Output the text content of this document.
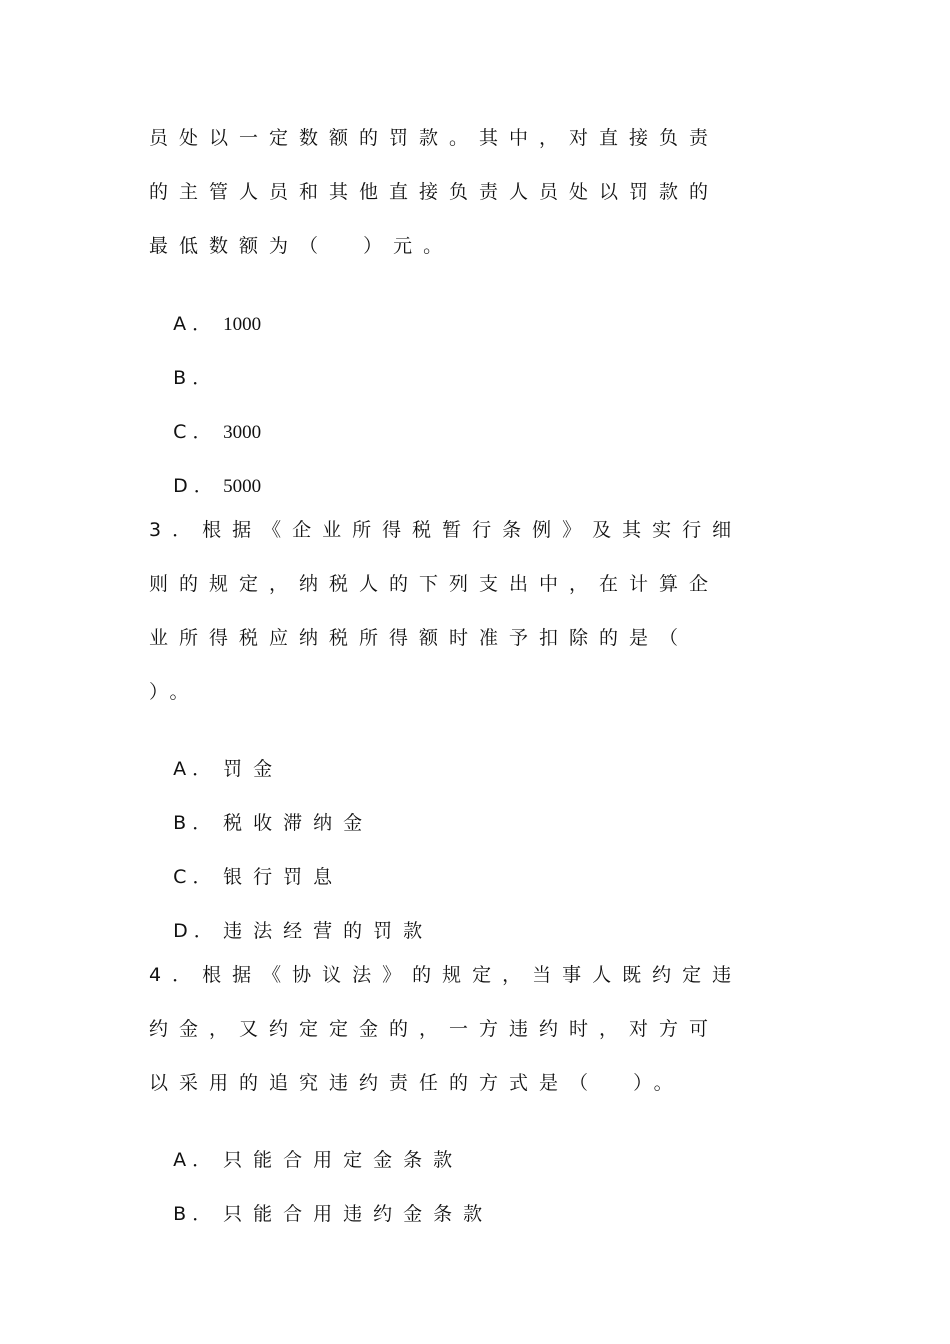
员处以一定数额的罚款。其中，对直接负责
的主管人员和其他直接负责人员处以罚款的
最低数额为（  ）元。

A． 1000

B．

C． 3000

D． 5000

3．根据《企业所得税暂行条例》及其实行细
则的规定，纳税人的下列支出中，在计算企
业所得税应纳税所得额时准予扣除的是（
）。

A． 罚金

B． 税收滞纳金

C． 银行罚息

D． 违法经营的罚款

4．根据《协议法》的规定，当事人既约定违
约金，又约定定金的，一方违约时，对方可
以采用的追究违约责任的方式是（  ）。

A． 只能合用定金条款

B． 只能合用违约金条款
